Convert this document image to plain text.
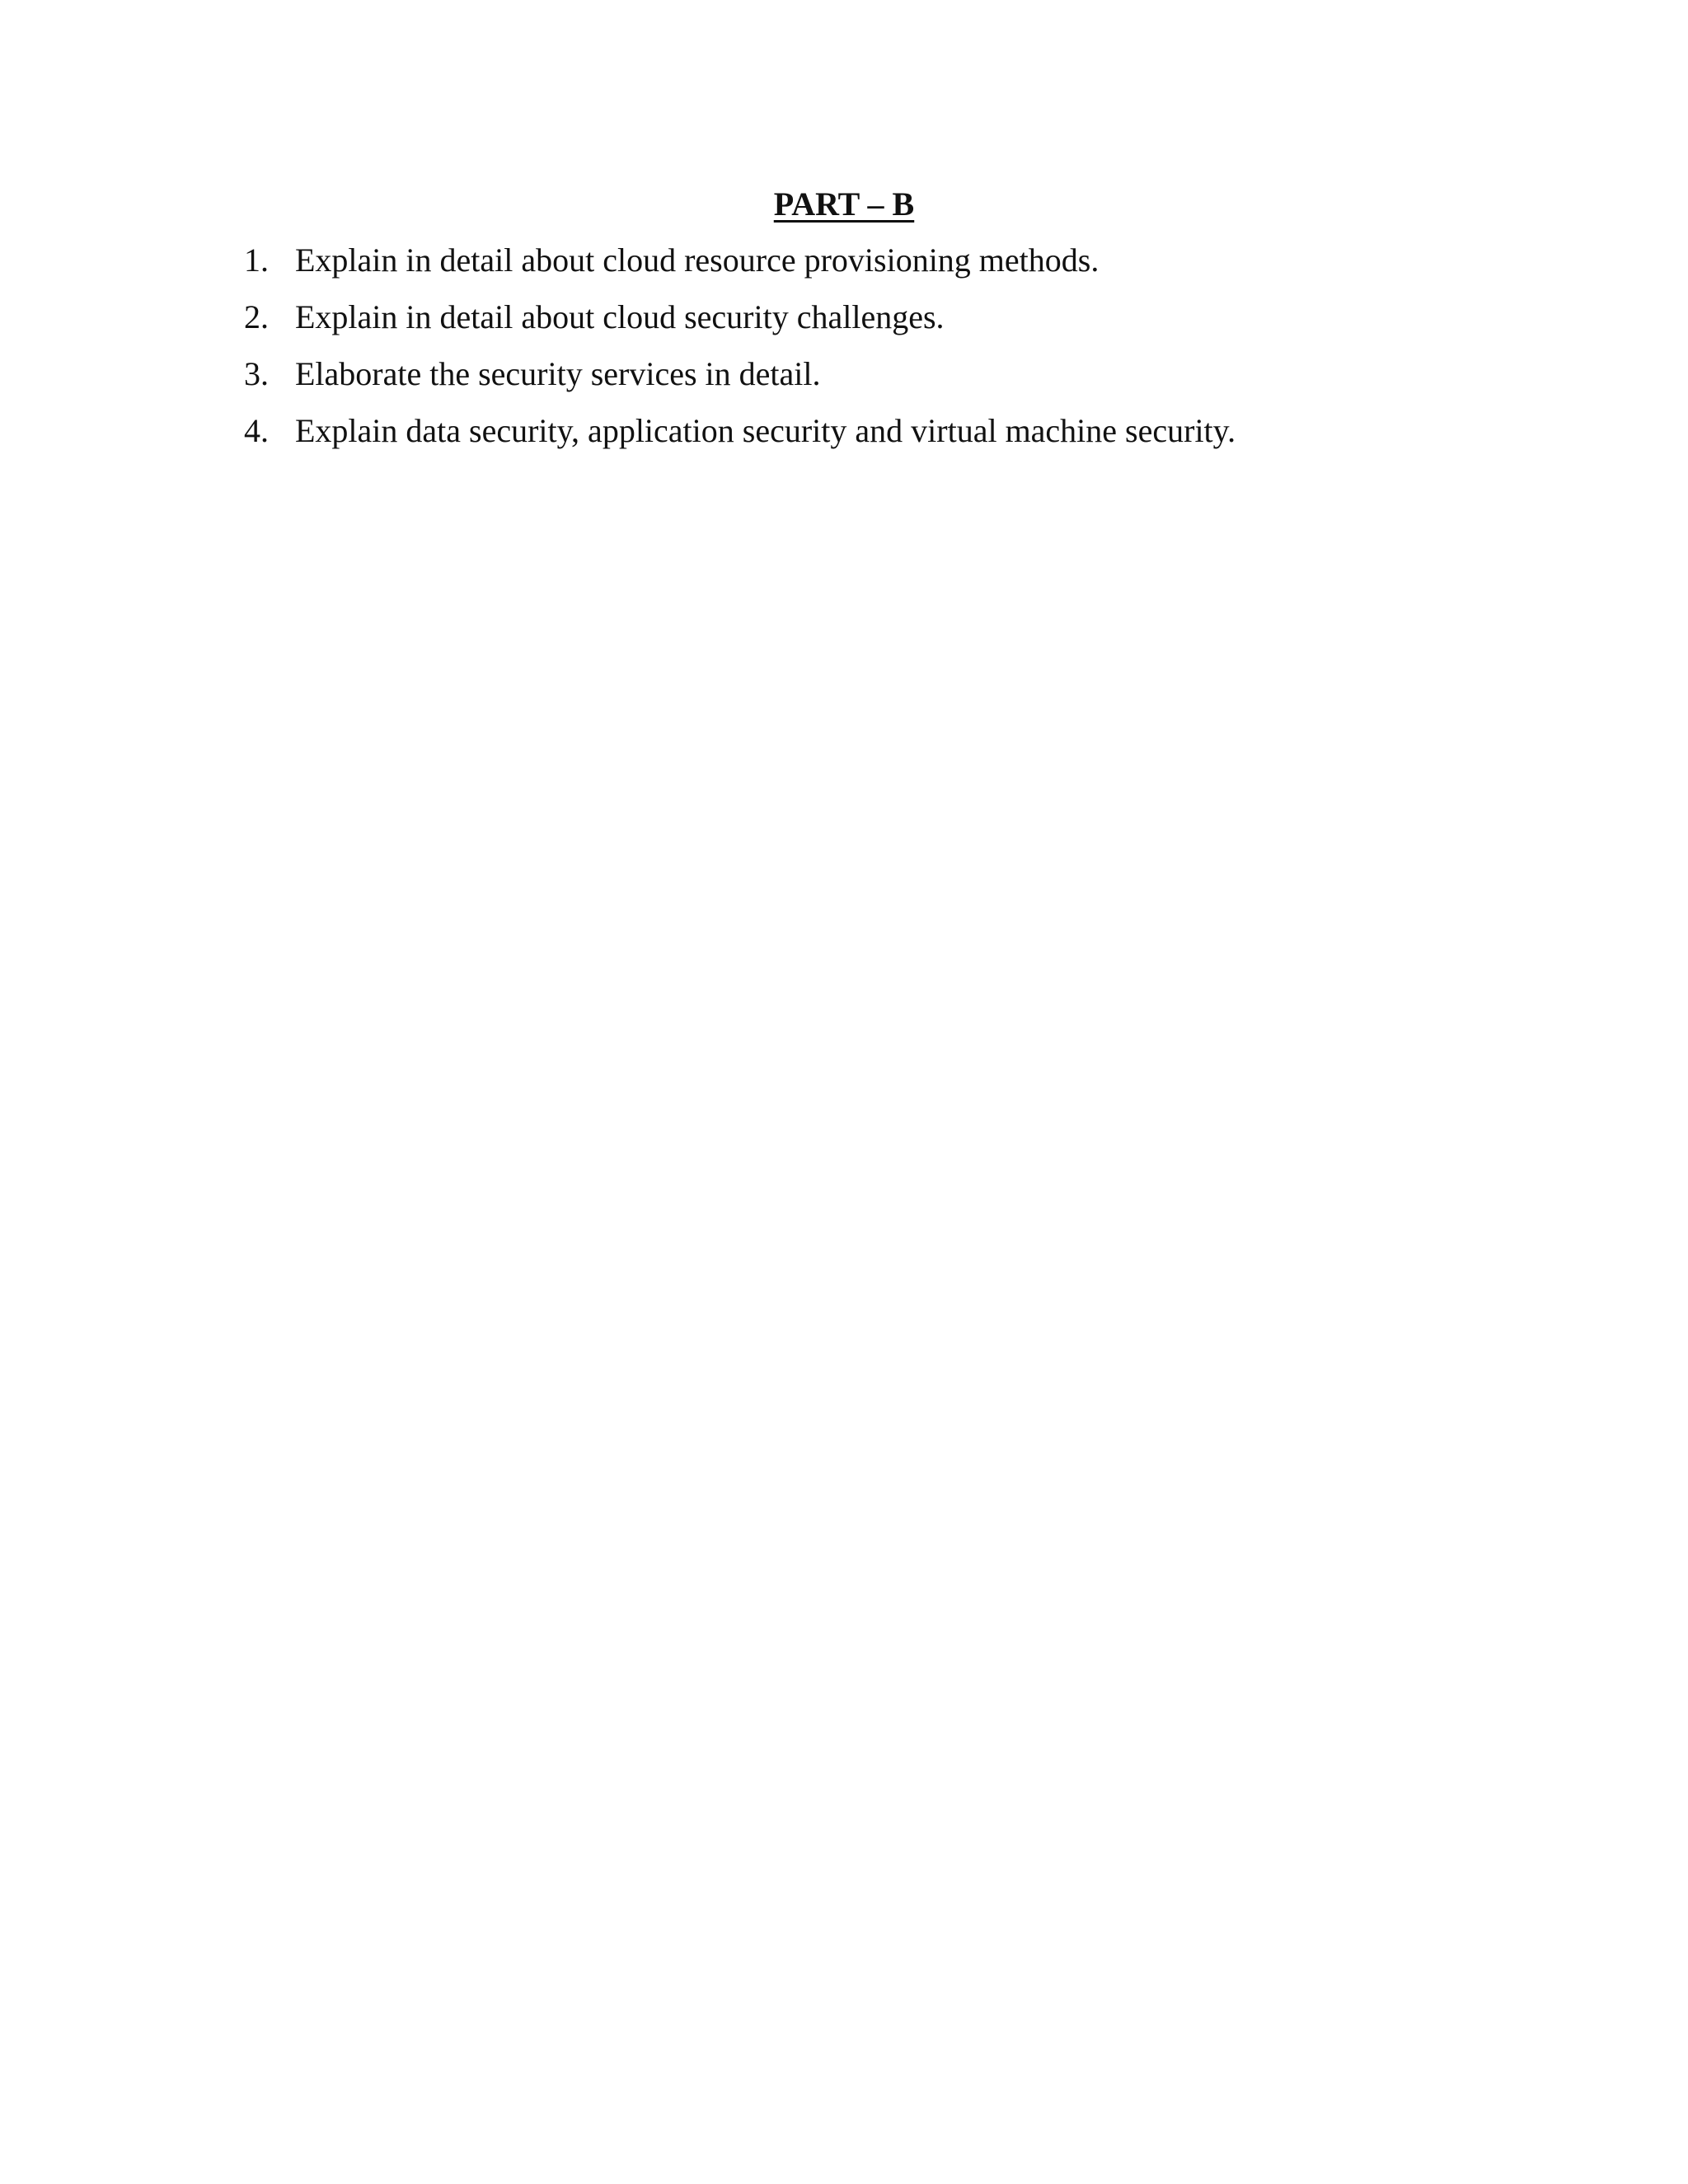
PART – B
1. Explain in detail about cloud resource provisioning methods.
2. Explain in detail about cloud security challenges.
3. Elaborate the security services in detail.
4. Explain data security, application security and virtual machine security.
